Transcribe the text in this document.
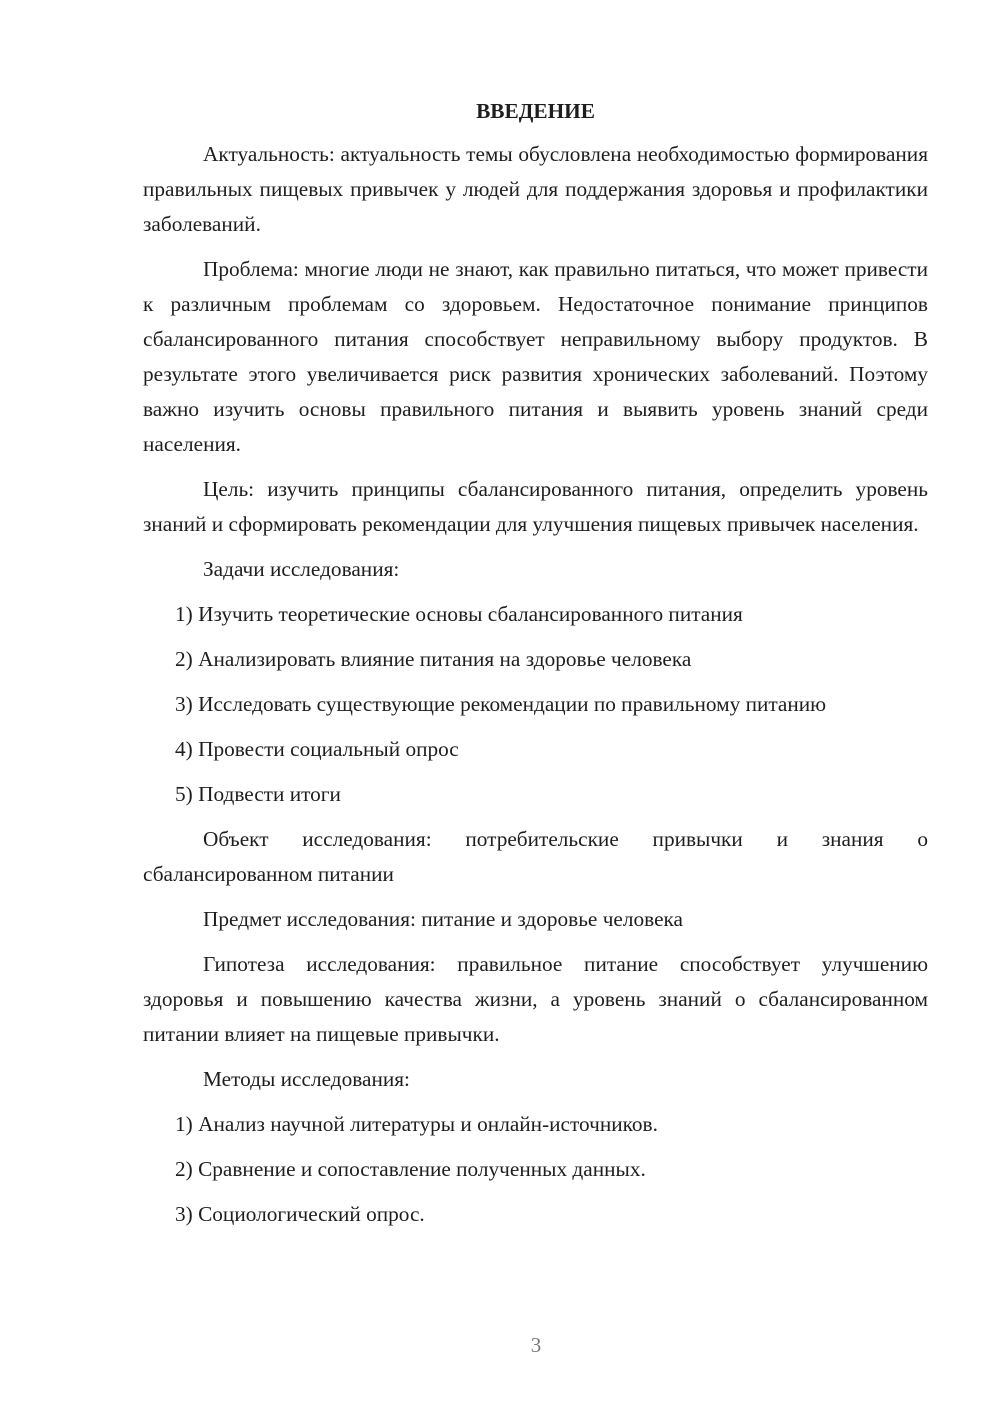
ВВЕДЕНИЕ

Актуальность: актуальность темы обусловлена необходимостью формирования правильных пищевых привычек у людей для поддержания здоровья и профилактики заболеваний.

Проблема: многие люди не знают, как правильно питаться, что может привести к различным проблемам со здоровьем. Недостаточное понимание принципов сбалансированного питания способствует неправильному выбору продуктов. В результате этого увеличивается риск развития хронических заболеваний. Поэтому важно изучить основы правильного питания и выявить уровень знаний среди населения.

Цель: изучить принципы сбалансированного питания, определить уровень знаний и сформировать рекомендации для улучшения пищевых привычек населения.

Задачи исследования:

1) Изучить теоретические основы сбалансированного питания

2) Анализировать влияние питания на здоровье человека

3) Исследовать существующие рекомендации по правильному питанию

4) Провести социальный опрос

5) Подвести итоги

Объект исследования: потребительские привычки и знания о сбалансированном питании

Предмет исследования: питание и здоровье человека

Гипотеза исследования: правильное питание способствует улучшению здоровья и повышению качества жизни, а уровень знаний о сбалансированном питании влияет на пищевые привычки.

Методы исследования:

1) Анализ научной литературы и онлайн-источников.

2) Сравнение и сопоставление полученных данных.

3) Социологический опрос.

3
